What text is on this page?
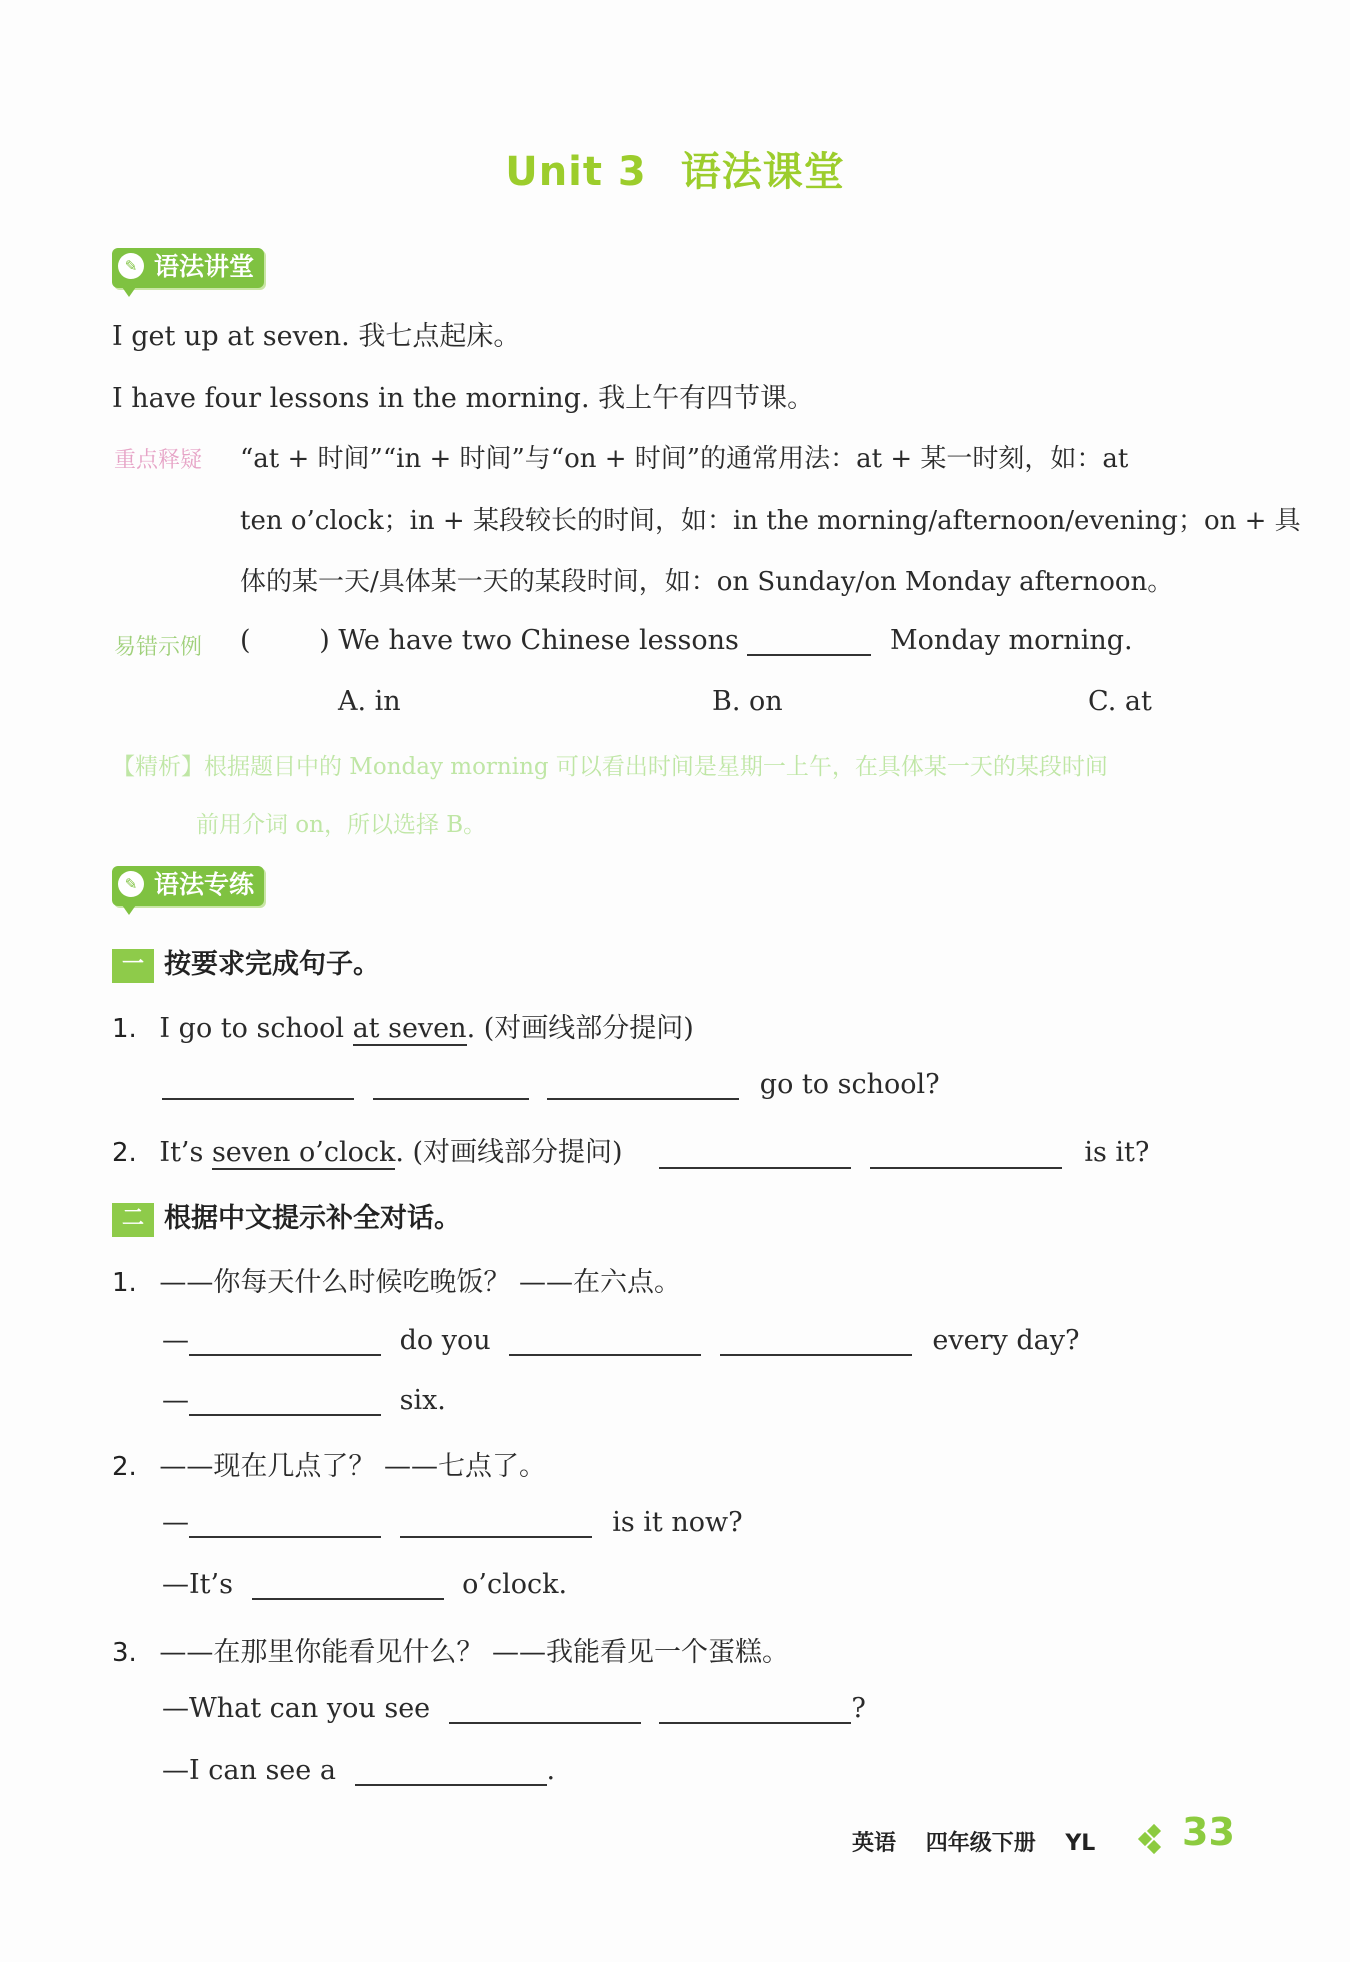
Unit 3 语法课堂
✎ 语法讲堂
I get up at seven. 我七点起床。
I have four lessons in the morning. 我上午有四节课。
重点释疑 “at + 时间”“in + 时间”与“on + 时间”的通常用法：at + 某一时刻，如：at
ten o’clock；in + 某段较长的时间，如：in the morning/afternoon/evening；on + 具
体的某一天/具体某一天的某段时间，如：on Sunday/on Monday afternoon。
易错示例 (        ) We have two Chinese lessons	Monday morning.
A. in	B. on	C. at
【精析】根据题目中的 Monday morning 可以看出时间是星期一上午，在具体某一天的某段时间
前用介词 on，所以选择 B。
✎ 语法专练
一 按要求完成句子。
1. I go to school at seven. (对画线部分提问)
go to school?
2. It’s seven o’clock. (对画线部分提问)	is it?
二 根据中文提示补全对话。
1. ——你每天什么时候吃晚饭？ ——在六点。
—	do you	every day?
—	six.
2. ——现在几点了？ ——七点了。
—	is it now?
—It’s	o’clock.
3. ——在那里你能看见什么？ ——我能看见一个蛋糕。
—What can you see	?
—I can see a	.
英语 四年级下册 YL 33
